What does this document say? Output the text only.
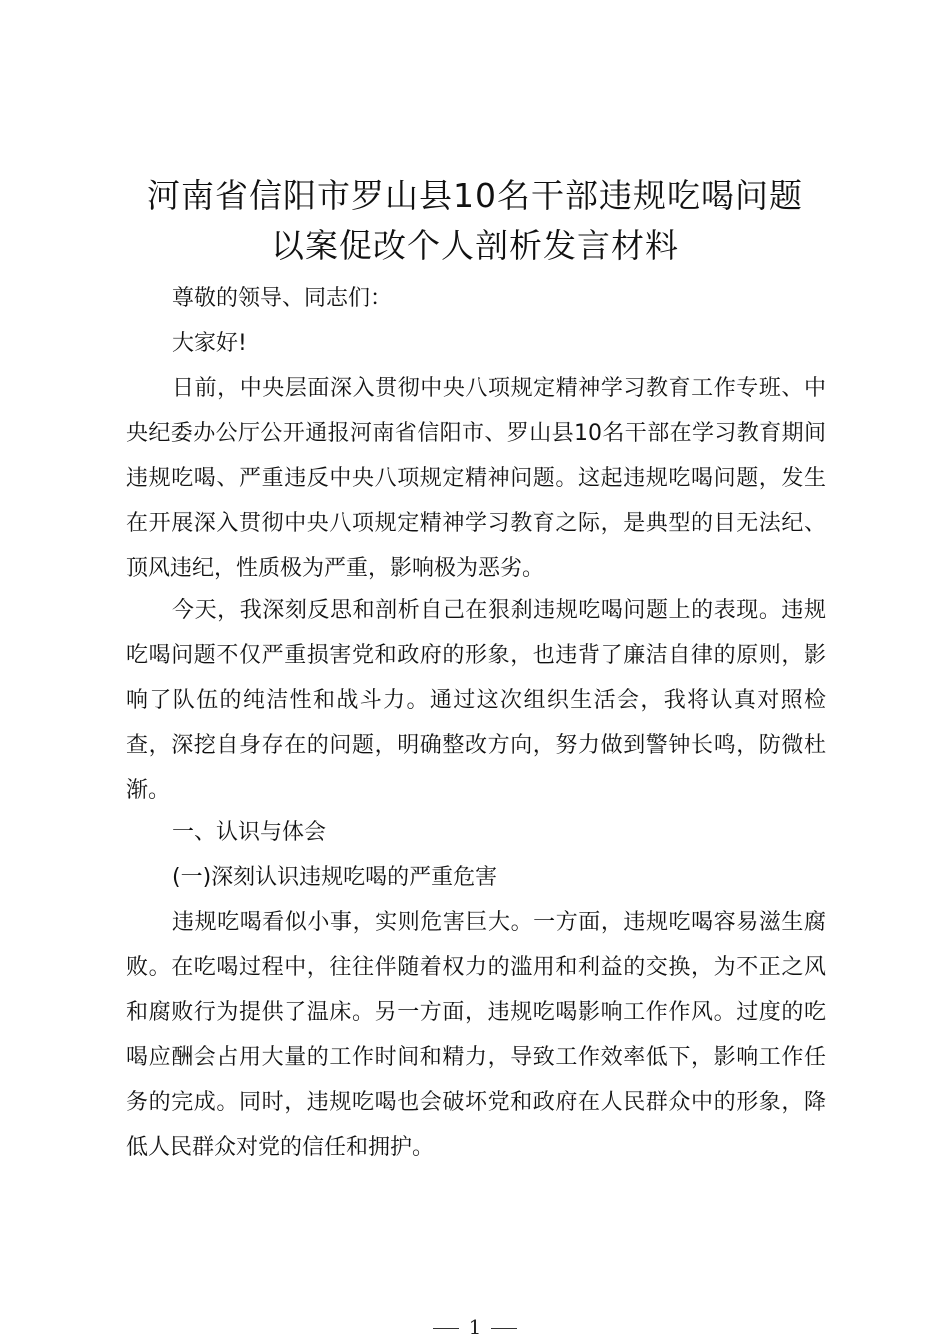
河南省信阳市罗山县10名干部违规吃喝问题
以案促改个人剖析发言材料

尊敬的领导、同志们：

大家好!

日前，中央层面深入贯彻中央八项规定精神学习教育工作专班、中央纪委办公厅公开通报河南省信阳市、罗山县10名干部在学习教育期间违规吃喝、严重违反中央八项规定精神问题。这起违规吃喝问题，发生在开展深入贯彻中央八项规定精神学习教育之际，是典型的目无法纪、顶风违纪，性质极为严重，影响极为恶劣。

今天，我深刻反思和剖析自己在狠刹违规吃喝问题上的表现。违规吃喝问题不仅严重损害党和政府的形象，也违背了廉洁自律的原则，影响了队伍的纯洁性和战斗力。通过这次组织生活会，我将认真对照检查，深挖自身存在的问题，明确整改方向，努力做到警钟长鸣，防微杜渐。

一、认识与体会

(一)深刻认识违规吃喝的严重危害

违规吃喝看似小事，实则危害巨大。一方面，违规吃喝容易滋生腐败。在吃喝过程中，往往伴随着权力的滥用和利益的交换，为不正之风和腐败行为提供了温床。另一方面，违规吃喝影响工作作风。过度的吃喝应酬会占用大量的工作时间和精力，导致工作效率低下，影响工作任务的完成。同时，违规吃喝也会破坏党和政府在人民群众中的形象，降低人民群众对党的信任和拥护。

1
